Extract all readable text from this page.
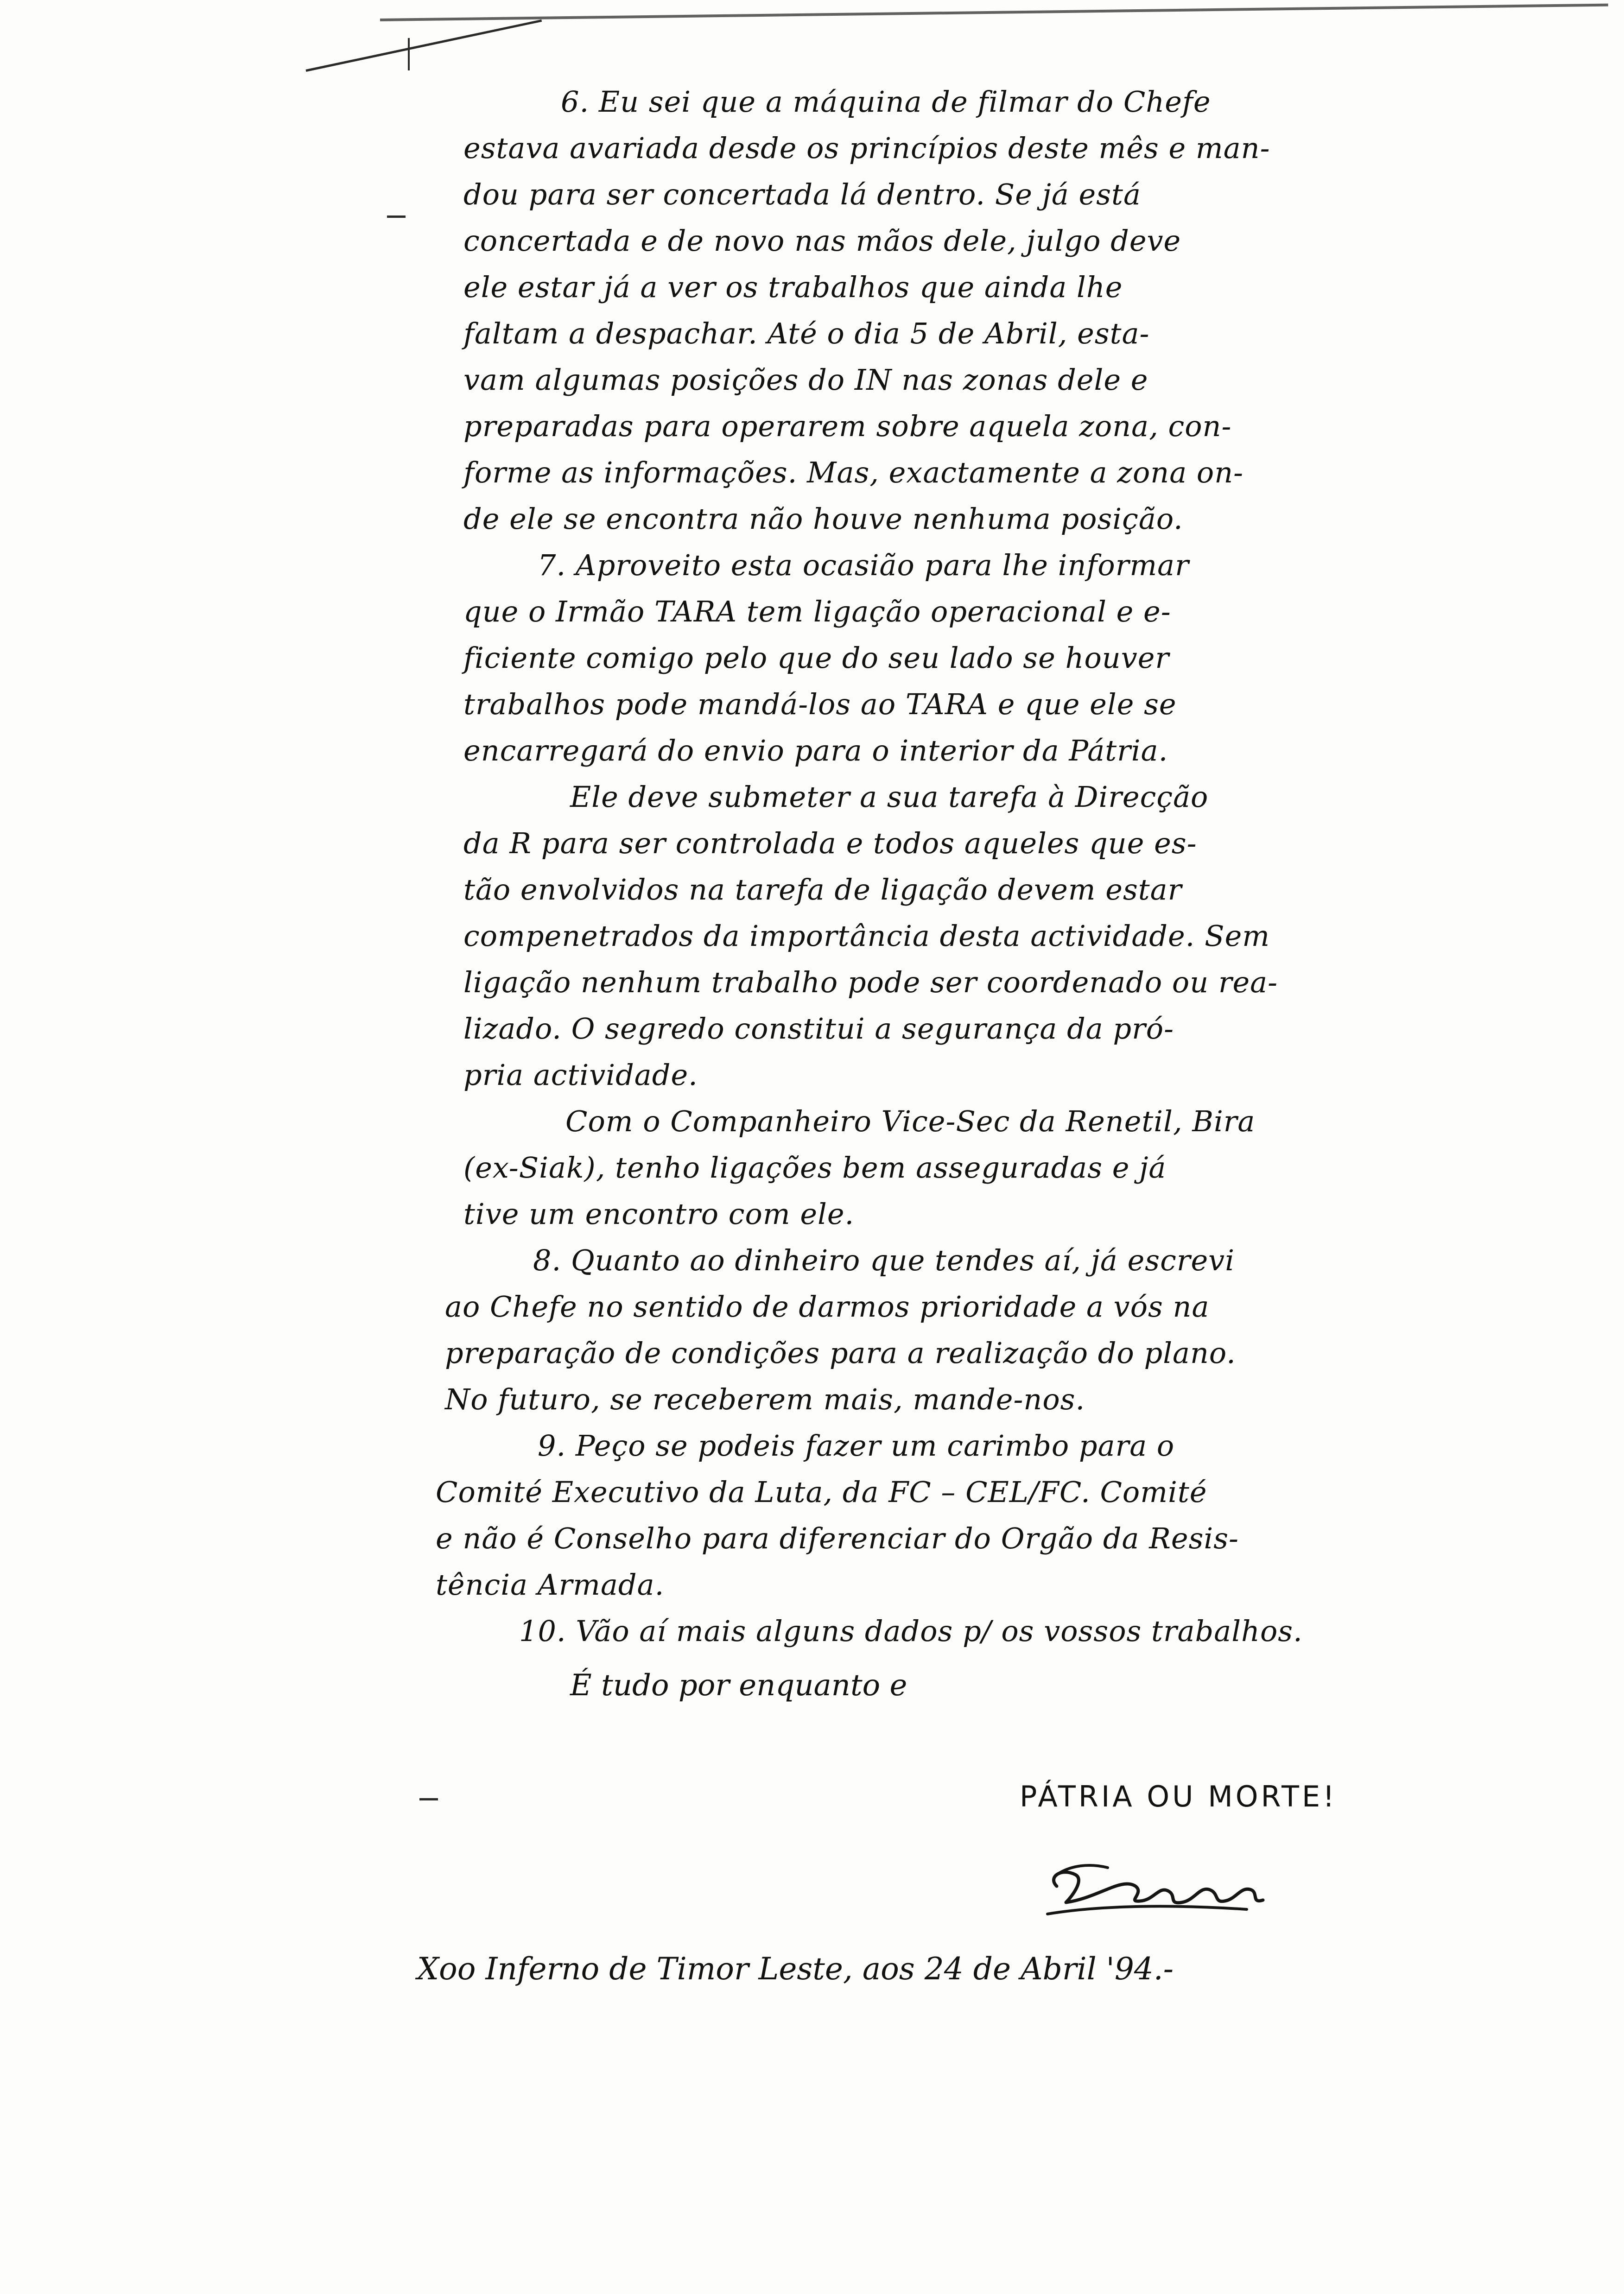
6. Eu sei que a máquina de filmar do Chefe
estava avariada desde os princípios deste mês e man-
dou para ser concertada lá dentro. Se já está
concertada e de novo nas mãos dele, julgo deve
ele estar já a ver os trabalhos que ainda lhe
faltam a despachar. Até o dia 5 de Abril, esta-
vam algumas posições do IN nas zonas dele e
preparadas para operarem sobre aquela zona, con-
forme as informações. Mas, exactamente a zona on-
de ele se encontra não houve nenhuma posição.
7. Aproveito esta ocasião para lhe informar
que o Irmão TARA tem ligação operacional e e-
ficiente comigo pelo que do seu lado se houver
trabalhos pode mandá-los ao TARA e que ele se
encarregará do envio para o interior da Pátria.
Ele deve submeter a sua tarefa à Direcção
da R para ser controlada e todos aqueles que es-
tão envolvidos na tarefa de ligação devem estar
compenetrados da importância desta actividade. Sem
ligação nenhum trabalho pode ser coordenado ou rea-
lizado. O segredo constitui a segurança da pró-
pria actividade.
Com o Companheiro Vice-Sec da Renetil, Bira
(ex-Siak), tenho ligações bem asseguradas e já
tive um encontro com ele.
8. Quanto ao dinheiro que tendes aí, já escrevi
ao Chefe no sentido de darmos prioridade a vós na
preparação de condições para a realização do plano.
No futuro, se receberem mais, mande-nos.
9. Peço se podeis fazer um carimbo para o
Comité Executivo da Luta, da FC – CEL/FC. Comité
e não é Conselho para diferenciar do Orgão da Resis-
tência Armada.
10. Vão aí mais alguns dados p/ os vossos trabalhos.
É tudo por enquanto e
PÁTRIA OU MORTE!
Xoo Inferno de Timor Leste, aos 24 de Abril '94.-
